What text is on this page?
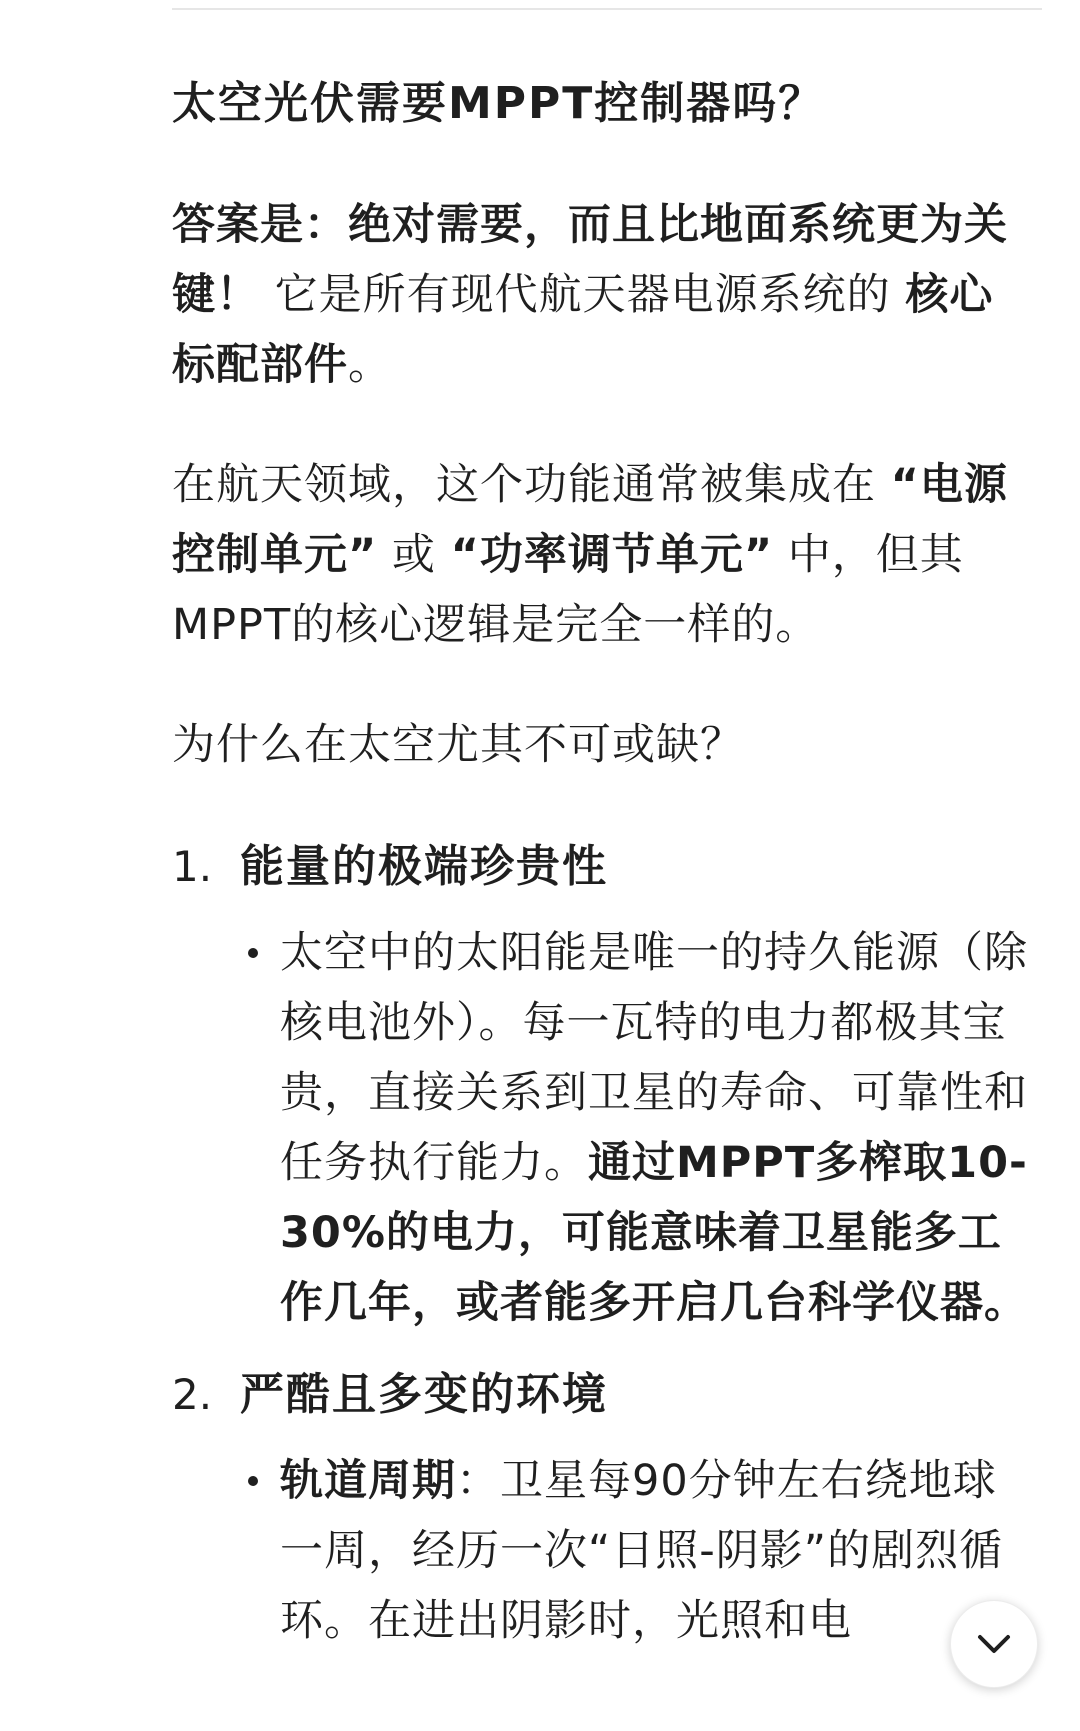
太空光伏需要MPPT控制器吗？

答案是：绝对需要，而且比地面系统更为关键！ 它是所有现代航天器电源系统的 核心标配部件。

在航天领域，这个功能通常被集成在 “电源控制单元” 或 “功率调节单元” 中，但其MPPT的核心逻辑是完全一样的。

为什么在太空尤其不可或缺？

1. 能量的极端珍贵性

太空中的太阳能是唯一的持久能源（除核电池外）。每一瓦特的电力都极其宝贵，直接关系到卫星的寿命、可靠性和任务执行能力。通过MPPT多榨取10-30%的电力，可能意味着卫星能多工作几年，或者能多开启几台科学仪器。

2. 严酷且多变的环境

轨道周期：卫星每90分钟左右绕地球一周，经历一次“日照-阴影”的剧烈循环。在进出阴影时，光照和电
